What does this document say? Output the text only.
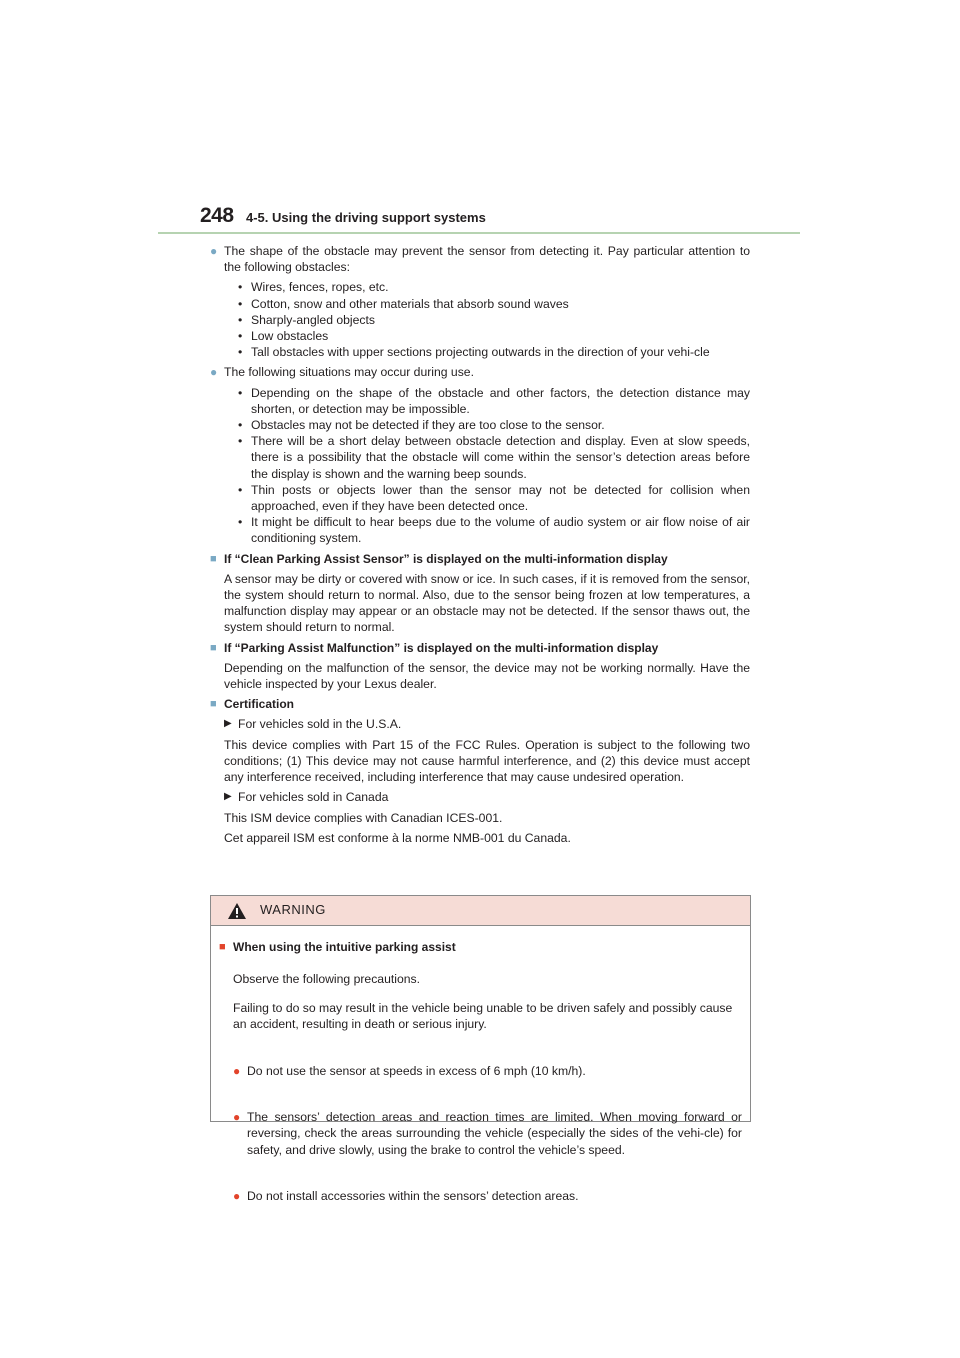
248 4-5. Using the driving support systems
● The shape of the obstacle may prevent the sensor from detecting it. Pay particular attention to the following obstacles:

• Wires, fences, ropes, etc.
• Cotton, snow and other materials that absorb sound waves
• Sharply-angled objects
• Low obstacles
• Tall obstacles with upper sections projecting outwards in the direction of your vehi-cle
● The following situations may occur during use.

• Depending on the shape of the obstacle and other factors, the detection distance may shorten, or detection may be impossible.
• Obstacles may not be detected if they are too close to the sensor.
• There will be a short delay between obstacle detection and display. Even at slow speeds, there is a possibility that the obstacle will come within the sensor’s detection areas before the display is shown and the warning beep sounds.
• Thin posts or objects lower than the sensor may not be detected for collision when approached, even if they have been detected once.
• It might be difficult to hear beeps due to the volume of audio system or air flow noise of air conditioning system.
■ If “Clean Parking Assist Sensor” is displayed on the multi-information display

A sensor may be dirty or covered with snow or ice. In such cases, if it is removed from the sensor, the system should return to normal. Also, due to the sensor being frozen at low temperatures, a malfunction display may appear or an obstacle may not be detected. If the sensor thaws out, the system should return to normal.

■ If “Parking Assist Malfunction” is displayed on the multi-information display

Depending on the malfunction of the sensor, the device may not be working normally. Have the vehicle inspected by your Lexus dealer.

■ Certification
▶ For vehicles sold in the U.S.A.

This device complies with Part 15 of the FCC Rules. Operation is subject to the following two conditions; (1) This device may not cause harmful interference, and (2) this device must accept any interference received, including interference that may cause undesired operation.

▶ For vehicles sold in Canada

This ISM device complies with Canadian ICES-001.

Cet appareil ISM est conforme à la norme NMB-001 du Canada.

WARNING
■ When using the intuitive parking assist

Observe the following precautions.

Failing to do so may result in the vehicle being unable to be driven safely and possibly cause an accident, resulting in death or serious injury.

● Do not use the sensor at speeds in excess of 6 mph (10 km/h).

● The sensors’ detection areas and reaction times are limited. When moving forward or reversing, check the areas surrounding the vehicle (especially the sides of the vehi-cle) for safety, and drive slowly, using the brake to control the vehicle’s speed.

● Do not install accessories within the sensors’ detection areas.
